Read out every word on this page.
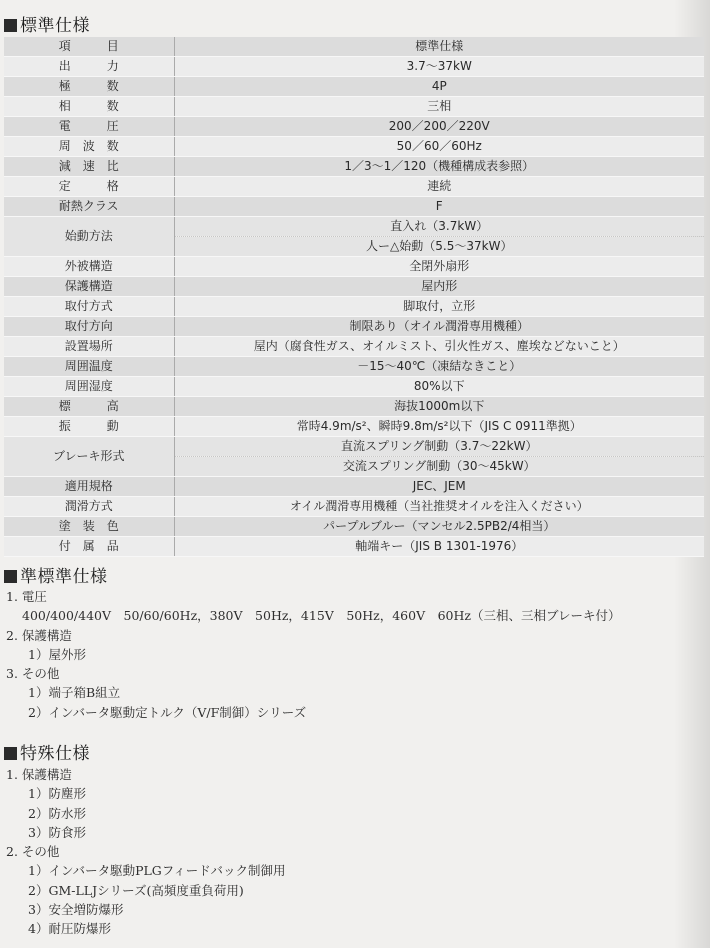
標準仕様
項　　　目	標準仕様
出　　　力	3.7～37kW
極　　　数	4P
相　　　数	三相
電　　　圧	200／200／220V
周　波　数	50／60／60Hz
減　速　比	1／3～1／120（機種構成表参照）
定　　　格	連続
耐熱クラス	F
始動方法	直入れ（3.7kW）
	人ー△始動（5.5～37kW）
外被構造	全閉外扇形
保護構造	屋内形
取付方式	脚取付，立形
取付方向	制限あり（オイル潤滑専用機種）
設置場所	屋内（腐食性ガス、オイルミスト、引火性ガス、塵埃などないこと）
周囲温度	－15～40℃（凍結なきこと）
周囲湿度	80%以下
標　　　高	海抜1000m以下
振　　　動	常時4.9m/s²、瞬時9.8m/s²以下（JIS C 0911準拠）
ブレーキ形式	直流スプリング制動（3.7～22kW）
	交流スプリング制動（30～45kW）
適用規格	JEC、JEM
潤滑方式	オイル潤滑専用機種（当社推奨オイルを注入ください）
塗　装　色	パープルブルー（マンセル2.5PB2/4相当）
付　属　品	軸端キー（JIS B 1301-1976）
準標準仕様
1. 電圧
400/400/440V　50/60/60Hz，380V　50Hz，415V　50Hz，460V　60Hz（三相、三相ブレーキ付）
2. 保護構造
1）屋外形
3. その他
1）端子箱B組立
2）インバータ駆動定トルク（V/F制御）シリーズ
特殊仕様
1. 保護構造
1）防塵形
2）防水形
3）防食形
2. その他
1）インバータ駆動PLGフィードバック制御用
2）GM-LLJシリーズ(高頻度重負荷用)
3）安全増防爆形
4）耐圧防爆形
